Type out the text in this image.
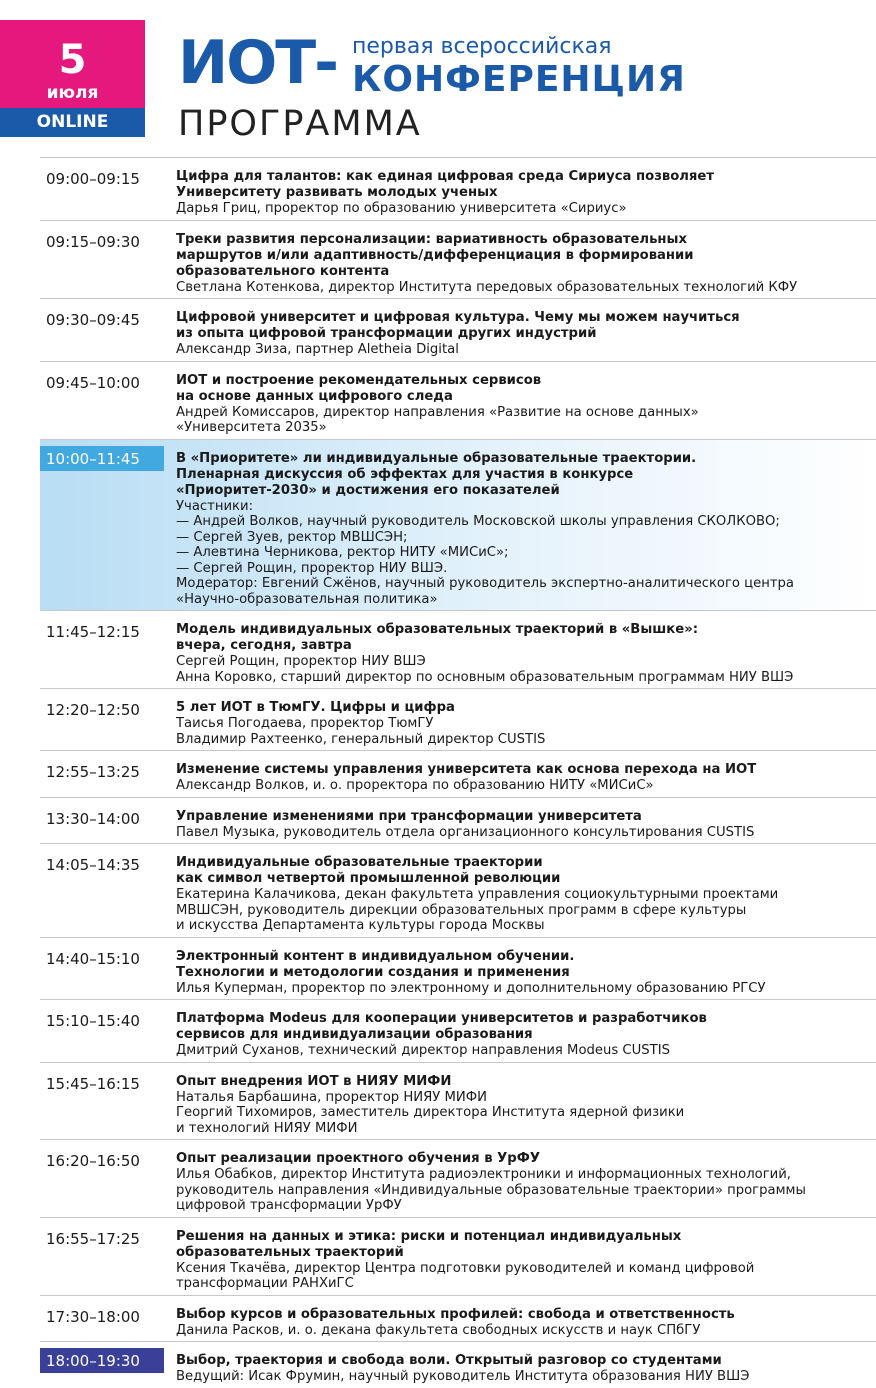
5
июля
ONLINE
ИОТ- первая всероссийская
КОНФЕРЕНЦИЯ
ПРОГРАММА
09:00–09:15	Цифра для талантов: как единая цифровая среда Сириуса позволяет
Университету развивать молодых ученых
Дарья Гриц, проректор по образованию университета «Сириус»
09:15–09:30	Треки развития персонализации: вариативность образовательных
маршрутов и/или адаптивность/дифференциация в формировании
образовательного контента
Светлана Котенкова, директор Института передовых образовательных технологий КФУ
09:30–09:45	Цифровой университет и цифровая культура. Чему мы можем научиться
из опыта цифровой трансформации других индустрий
Александр Зиза, партнер Aletheia Digital
09:45–10:00	ИОТ и построение рекомендательных сервисов
на основе данных цифрового следа
Андрей Комиссаров, директор направления «Развитие на основе данных»
«Университета 2035»
10:00–11:45	В «Приоритете» ли индивидуальные образовательные траектории.
Пленарная дискуссия об эффектах для участия в конкурсе
«Приоритет-2030» и достижения его показателей
Участники:
— Андрей Волков, научный руководитель Московской школы управления СКОЛКОВО;
— Сергей Зуев, ректор МВШСЭН;
— Алевтина Черникова, ректор НИТУ «МИСиС»;
— Сергей Рощин, проректор НИУ ВШЭ.
Модератор: Евгений Сжёнов, научный руководитель экспертно-аналитического центра
«Научно-образовательная политика»
11:45–12:15	Модель индивидуальных образовательных траекторий в «Вышке»:
вчера, сегодня, завтра
Сергей Рощин, проректор НИУ ВШЭ
Анна Коровко, старший директор по основным образовательным программам НИУ ВШЭ
12:20–12:50	5 лет ИОТ в ТюмГУ. Цифры и цифра
Таисья Погодаева, проректор ТюмГУ
Владимир Рахтеенко, генеральный директор CUSTIS
12:55–13:25	Изменение системы управления университета как основа перехода на ИОТ
Александр Волков, и. о. проректора по образованию НИТУ «МИСиС»
13:30–14:00	Управление изменениями при трансформации университета
Павел Музыка, руководитель отдела организационного консультирования CUSTIS
14:05–14:35	Индивидуальные образовательные траектории
как символ четвертой промышленной революции
Екатерина Калачикова, декан факультета управления социокультурными проектами
МВШСЭН, руководитель дирекции образовательных программ в сфере культуры
и искусства Департамента культуры города Москвы
14:40–15:10	Электронный контент в индивидуальном обучении.
Технологии и методологии создания и применения
Илья Куперман, проректор по электронному и дополнительному образованию РГСУ
15:10–15:40	Платформа Modeus для кооперации университетов и разработчиков
сервисов для индивидуализации образования
Дмитрий Суханов, технический директор направления Modeus CUSTIS
15:45–16:15	Опыт внедрения ИОТ в НИЯУ МИФИ
Наталья Барбашина, проректор НИЯУ МИФИ
Георгий Тихомиров, заместитель директора Института ядерной физики
и технологий НИЯУ МИФИ
16:20–16:50	Опыт реализации проектного обучения в УрФУ
Илья Обабков, директор Института радиоэлектроники и информационных технологий,
руководитель направления «Индивидуальные образовательные траектории» программы
цифровой трансформации УрФУ
16:55–17:25	Решения на данных и этика: риски и потенциал индивидуальных
образовательных траекторий
Ксения Ткачёва, директор Центра подготовки руководителей и команд цифровой
трансформации РАНХиГС
17:30–18:00	Выбор курсов и образовательных профилей: свобода и ответственность
Данила Расков, и. о. декана факультета свободных искусств и наук СПбГУ
18:00–19:30	Выбор, траектория и свобода воли. Открытый разговор со студентами
Ведущий: Исак Фрумин, научный руководитель Института образования НИУ ВШЭ
